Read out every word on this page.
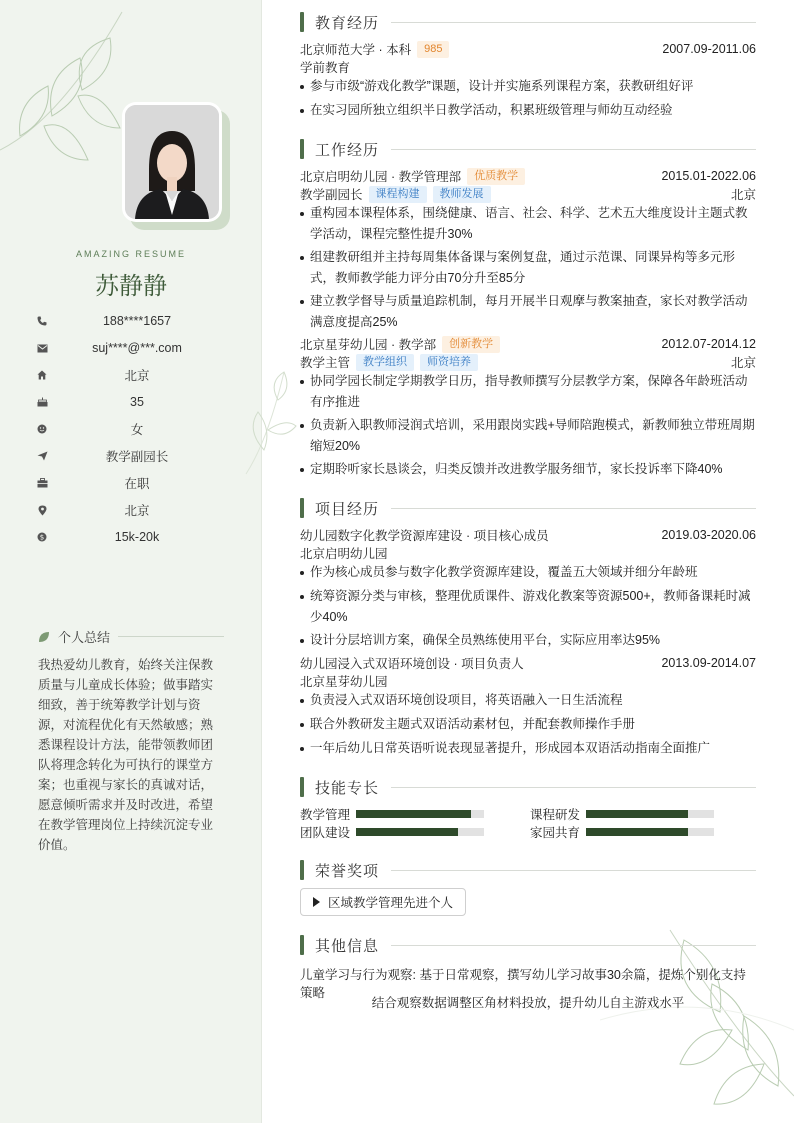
AMAZING RESUME
苏静静
188****1657
suj****@***.com
北京
35
女
教学副园长
在职
北京
$	15k-20k
个人总结
我热爱幼儿教育，始终关注保教质量与儿童成长体验；做事踏实细致，善于统筹教学计划与资源，对流程优化有天然敏感；熟悉课程设计方法，能带领教师团队将理念转化为可执行的课堂方案；也重视与家长的真诚对话，愿意倾听需求并及时改进，希望在教学管理岗位上持续沉淀专业价值。
教育经历
北京师范大学 · 本科	985	2007.09-2011.06
学前教育
参与市级“游戏化教学”课题，设计并实施系列课程方案，获教研组好评
在实习园所独立组织半日教学活动，积累班级管理与师幼互动经验
工作经历
北京启明幼儿园 · 教学管理部	优质教学	2015.01-2022.06
教学副园长	课程构建	教师发展	北京
重构园本课程体系，围绕健康、语言、社会、科学、艺术五大维度设计主题式教学活动，课程完整性提升30%
组建教研组并主持每周集体备课与案例复盘，通过示范课、同课异构等多元形式，教师教学能力评分由70分升至85分
建立教学督导与质量追踪机制，每月开展半日观摩与教案抽查，家长对教学活动满意度提高25%
北京星芽幼儿园 · 教学部	创新教学	2012.07-2014.12
教学主管	教学组织	师资培养	北京
协同学园长制定学期教学日历，指导教师撰写分层教学方案，保障各年龄班活动有序推进
负责新入职教师浸润式培训，采用跟岗实践+导师陪跑模式，新教师独立带班周期缩短20%
定期聆听家长恳谈会，归类反馈并改进教学服务细节，家长投诉率下降40%
项目经历
幼儿园数字化教学资源库建设 · 项目核心成员	2019.03-2020.06
北京启明幼儿园
作为核心成员参与数字化教学资源库建设，覆盖五大领域并细分年龄班
统筹资源分类与审核，整理优质课件、游戏化教案等资源500+，教师备课耗时减少40%
设计分层培训方案，确保全员熟练使用平台，实际应用率达95%
幼儿园浸入式双语环境创设 · 项目负责人	2013.09-2014.07
北京星芽幼儿园
负责浸入式双语环境创设项目，将英语融入一日生活流程
联合外教研发主题式双语活动素材包，并配套教师操作手册
一年后幼儿日常英语听说表现显著提升，形成园本双语活动指南全面推广
技能专长
教学管理	课程研发
团队建设	家园共育
荣誉奖项
区域教学管理先进个人
其他信息
儿童学习与行为观察: 基于日常观察，撰写幼儿学习故事30余篇，提炼个别化支持策略
结合观察数据调整区角材料投放，提升幼儿自主游戏水平
